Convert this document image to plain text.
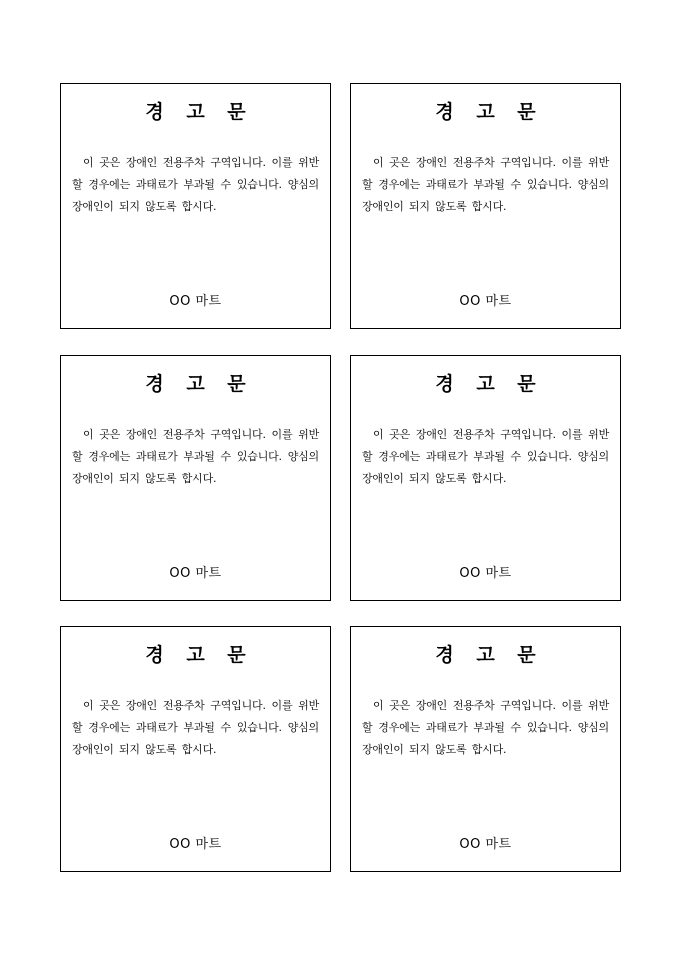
경 고 문
이 곳은 장애인 전용주차 구역입니다. 이를 위반할 경우에는 과태료가 부과될 수 있습니다. 양심의 장애인이 되지 않도록 합시다.
OO 마트
경 고 문
이 곳은 장애인 전용주차 구역입니다. 이를 위반할 경우에는 과태료가 부과될 수 있습니다. 양심의 장애인이 되지 않도록 합시다.
OO 마트
경 고 문
이 곳은 장애인 전용주차 구역입니다. 이를 위반할 경우에는 과태료가 부과될 수 있습니다. 양심의 장애인이 되지 않도록 합시다.
OO 마트
경 고 문
이 곳은 장애인 전용주차 구역입니다. 이를 위반할 경우에는 과태료가 부과될 수 있습니다. 양심의 장애인이 되지 않도록 합시다.
OO 마트
경 고 문
이 곳은 장애인 전용주차 구역입니다. 이를 위반할 경우에는 과태료가 부과될 수 있습니다. 양심의 장애인이 되지 않도록 합시다.
OO 마트
경 고 문
이 곳은 장애인 전용주차 구역입니다. 이를 위반할 경우에는 과태료가 부과될 수 있습니다. 양심의 장애인이 되지 않도록 합시다.
OO 마트
